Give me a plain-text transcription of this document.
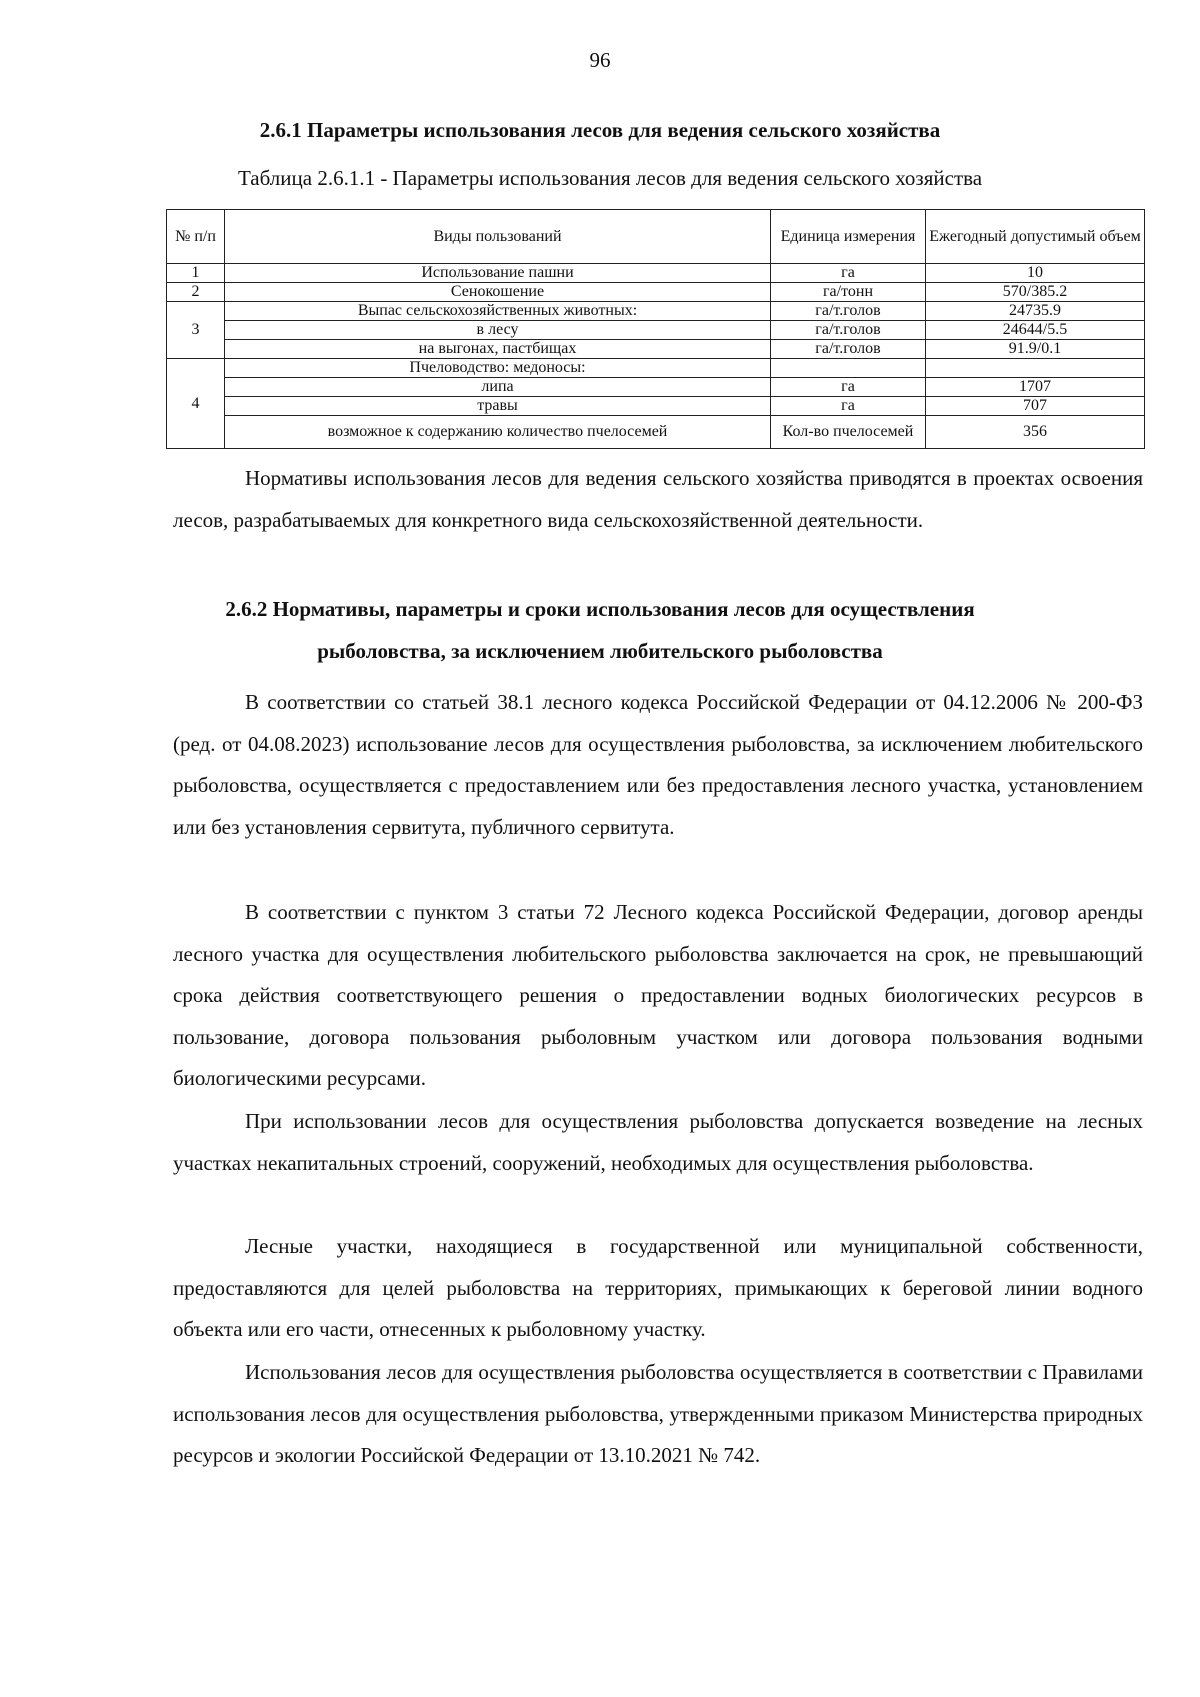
96
2.6.1 Параметры использования лесов для ведения сельского хозяйства
Таблица 2.6.1.1 - Параметры использования лесов для ведения сельского хозяйства
№ п/п	Виды пользований	Единица измерения	Ежегодный допустимый объем
1	Использование пашни	га	10
2	Сенокошение	га/тонн	570/385.2
3	Выпас сельскохозяйственных животных:	га/т.голов	24735.9
	в лесу	га/т.голов	24644/5.5
	на выгонах, пастбищах	га/т.голов	91.9/0.1
4	Пчеловодство: медоносы:		
	липа	га	1707
	травы	га	707
	возможное к содержанию количество пчелосемей	Кол-во пчелосемей	356
Нормативы использования лесов для ведения сельского хозяйства приводятся в проектах освоения лесов, разрабатываемых для конкретного вида сельскохозяйственной деятельности.
2.6.2 Нормативы, параметры и сроки использования лесов для осуществления
рыболовства, за исключением любительского рыболовства
В соответствии со статьей 38.1 лесного кодекса Российской Федерации от 04.12.2006 № 200-ФЗ (ред. от 04.08.2023) использование лесов для осуществления рыболовства, за исключением любительского рыболовства, осуществляется с предоставлением или без предоставления лесного участка, установлением или без установления сервитута, публичного сервитута.
В соответствии с пунктом 3 статьи 72 Лесного кодекса Российской Федерации, договор аренды лесного участка для осуществления любительского рыболовства заключается на срок, не превышающий срока действия соответствующего решения о предоставлении водных биологических ресурсов в пользование, договора пользования рыболовным участком или договора пользования водными биологическими ресурсами.
При использовании лесов для осуществления рыболовства допускается возведение на лесных участках некапитальных строений, сооружений, необходимых для осуществления рыболовства.
Лесные участки, находящиеся в государственной или муниципальной собственности, предоставляются для целей рыболовства на территориях, примыкающих к береговой линии водного объекта или его части, отнесенных к рыболовному участку.
Использования лесов для осуществления рыболовства осуществляется в соответствии с Правилами использования лесов для осуществления рыболовства, утвержденными приказом Министерства природных ресурсов и экологии Российской Федерации от 13.10.2021 № 742.
